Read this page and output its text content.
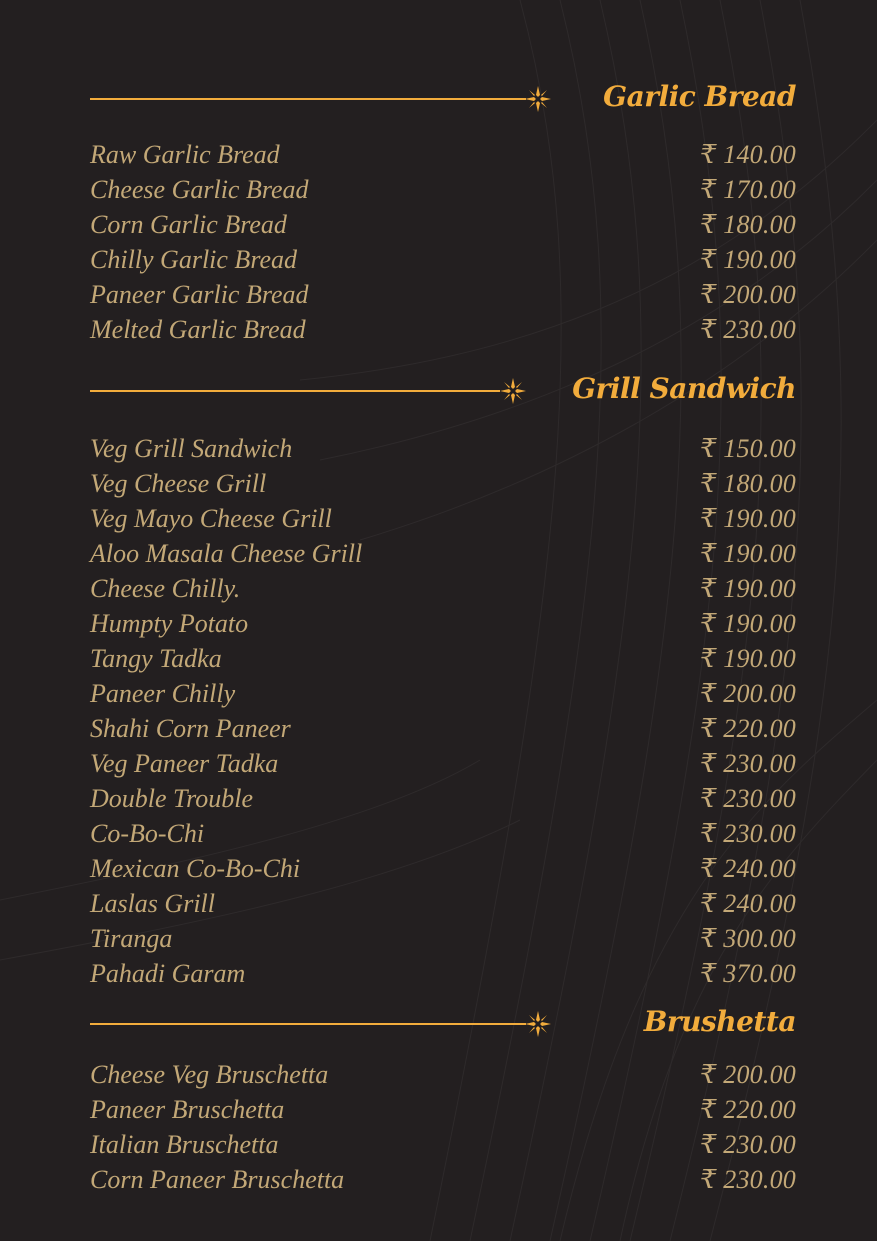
Garlic Bread
Raw Garlic Bread	₹ 140.00
Cheese Garlic Bread	₹ 170.00
Corn Garlic Bread	₹ 180.00
Chilly Garlic Bread	₹ 190.00
Paneer Garlic Bread	₹ 200.00
Melted Garlic Bread	₹ 230.00
Grill Sandwich
Veg Grill Sandwich	₹ 150.00
Veg Cheese Grill	₹ 180.00
Veg Mayo Cheese Grill	₹ 190.00
Aloo Masala Cheese Grill	₹ 190.00
Cheese Chilly.	₹ 190.00
Humpty Potato	₹ 190.00
Tangy Tadka	₹ 190.00
Paneer Chilly	₹ 200.00
Shahi Corn Paneer	₹ 220.00
Veg Paneer Tadka	₹ 230.00
Double Trouble	₹ 230.00
Co-Bo-Chi	₹ 230.00
Mexican Co-Bo-Chi	₹ 240.00
Laslas Grill	₹ 240.00
Tiranga	₹ 300.00
Pahadi Garam	₹ 370.00
Brushetta
Cheese Veg Bruschetta	₹ 200.00
Paneer Bruschetta	₹ 220.00
Italian Bruschetta	₹ 230.00
Corn Paneer Bruschetta	₹ 230.00
